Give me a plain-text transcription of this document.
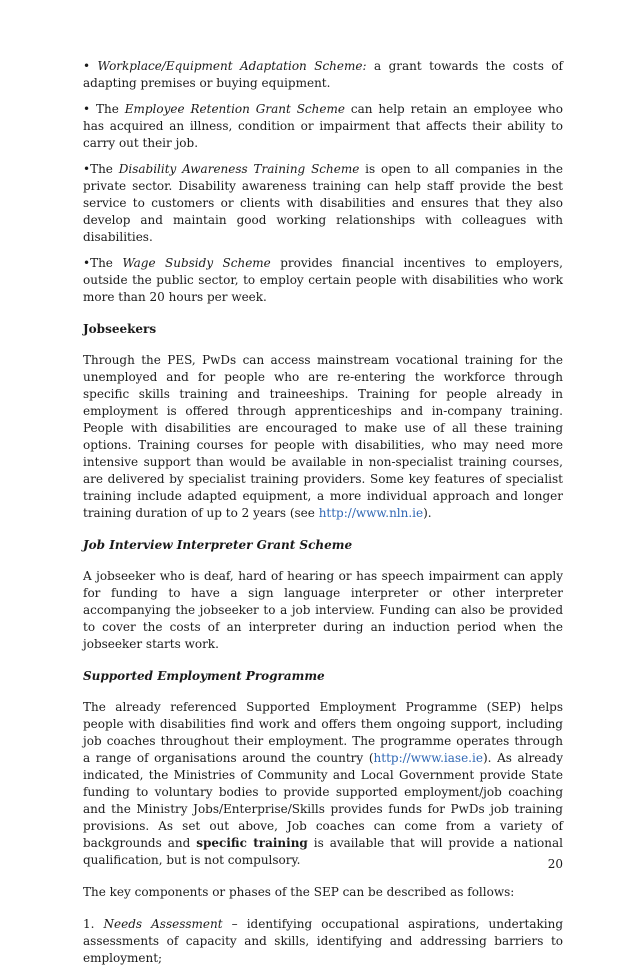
• Workplace/Equipment Adaptation Scheme: a grant towards the costs of adapting premises or buying equipment.

• The Employee Retention Grant Scheme can help retain an employee who has acquired an illness, condition or impairment that affects their ability to carry out their job.

•The Disability Awareness Training Scheme is open to all companies in the private sector. Disability awareness training can help staff provide the best service to customers or clients with disabilities and ensures that they also develop and maintain good working relationships with colleagues with disabilities.

•The Wage Subsidy Scheme provides financial incentives to employers, outside the public sector, to employ certain people with disabilities who work more than 20 hours per week.

Jobseekers

Through the PES, PwDs can access mainstream vocational training for the unemployed and for people who are re-entering the workforce through specific skills training and traineeships. Training for people already in employment is offered through apprenticeships and in-company training. People with disabilities are encouraged to make use of all these training options. Training courses for people with disabilities, who may need more intensive support than would be available in non-specialist training courses, are delivered by specialist training providers. Some key features of specialist training include adapted equipment, a more individual approach and longer training duration of up to 2 years (see http://www.nln.ie).

Job Interview Interpreter Grant Scheme

A jobseeker who is deaf, hard of hearing or has speech impairment can apply for funding to have a sign language interpreter or other interpreter accompanying the jobseeker to a job interview. Funding can also be provided to cover the costs of an interpreter during an induction period when the jobseeker starts work.

Supported Employment Programme

The already referenced Supported Employment Programme (SEP) helps people with disabilities find work and offers them ongoing support, including job coaches throughout their employment. The programme operates through a range of organisations around the country (http://www.iase.ie). As already indicated, the Ministries of Community and Local Government provide State funding to voluntary bodies to provide supported employment/job coaching and the Ministry Jobs/Enterprise/Skills provides funds for PwDs job training provisions. As set out above, Job coaches can come from a variety of backgrounds and specific training is available that will provide a national qualification, but is not compulsory.

The key components or phases of the SEP can be described as follows:

1. Needs Assessment – identifying occupational aspirations, undertaking assessments of capacity and skills, identifying and addressing barriers to employment;

20
